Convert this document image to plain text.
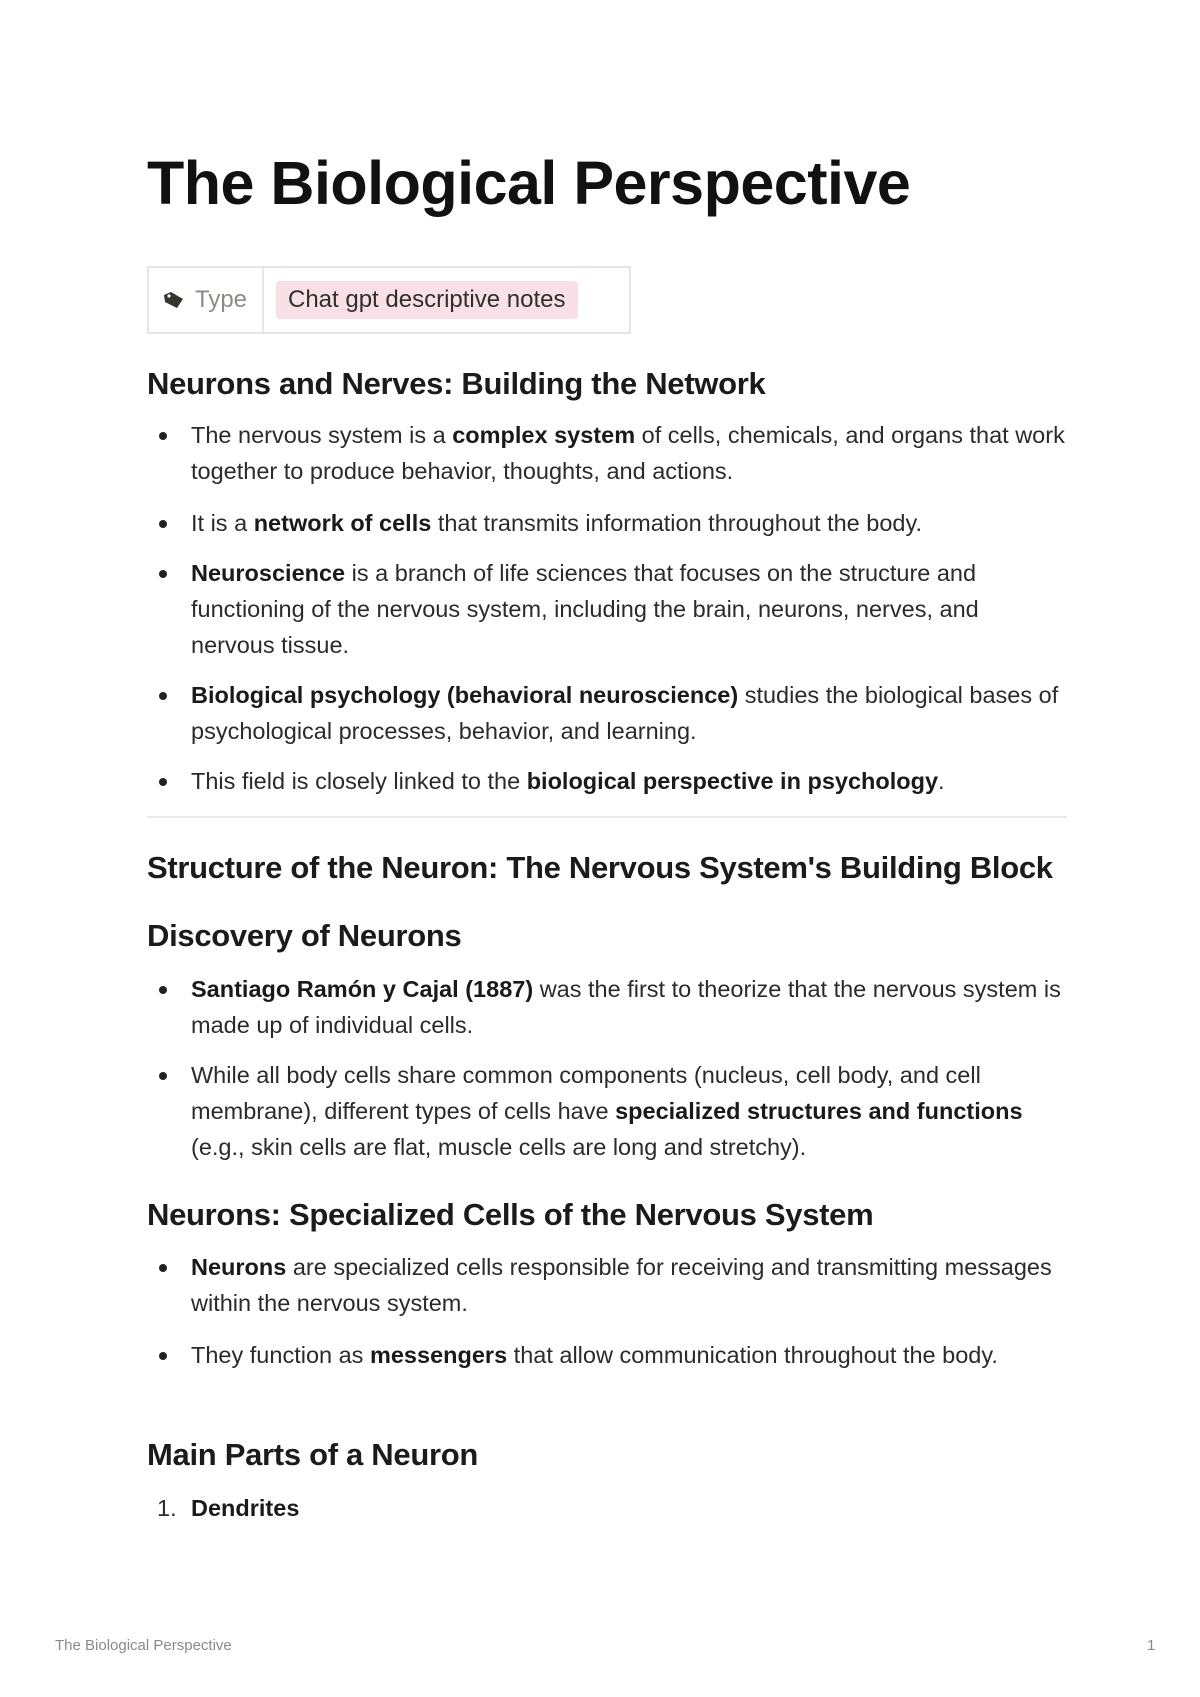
The Biological Perspective
Type	Chat gpt descriptive notes
Neurons and Nerves: Building the Network
The nervous system is a complex system of cells, chemicals, and organs that work together to produce behavior, thoughts, and actions.
It is a network of cells that transmits information throughout the body.
Neuroscience is a branch of life sciences that focuses on the structure and functioning of the nervous system, including the brain, neurons, nerves, and nervous tissue.
Biological psychology (behavioral neuroscience) studies the biological bases of psychological processes, behavior, and learning.
This field is closely linked to the biological perspective in psychology.
Structure of the Neuron: The Nervous System's Building Block
Discovery of Neurons
Santiago Ramón y Cajal (1887) was the first to theorize that the nervous system is made up of individual cells.
While all body cells share common components (nucleus, cell body, and cell membrane), different types of cells have specialized structures and functions (e.g., skin cells are flat, muscle cells are long and stretchy).
Neurons: Specialized Cells of the Nervous System
Neurons are specialized cells responsible for receiving and transmitting messages within the nervous system.
They function as messengers that allow communication throughout the body.
Main Parts of a Neuron
1. Dendrites
The Biological Perspective	1
